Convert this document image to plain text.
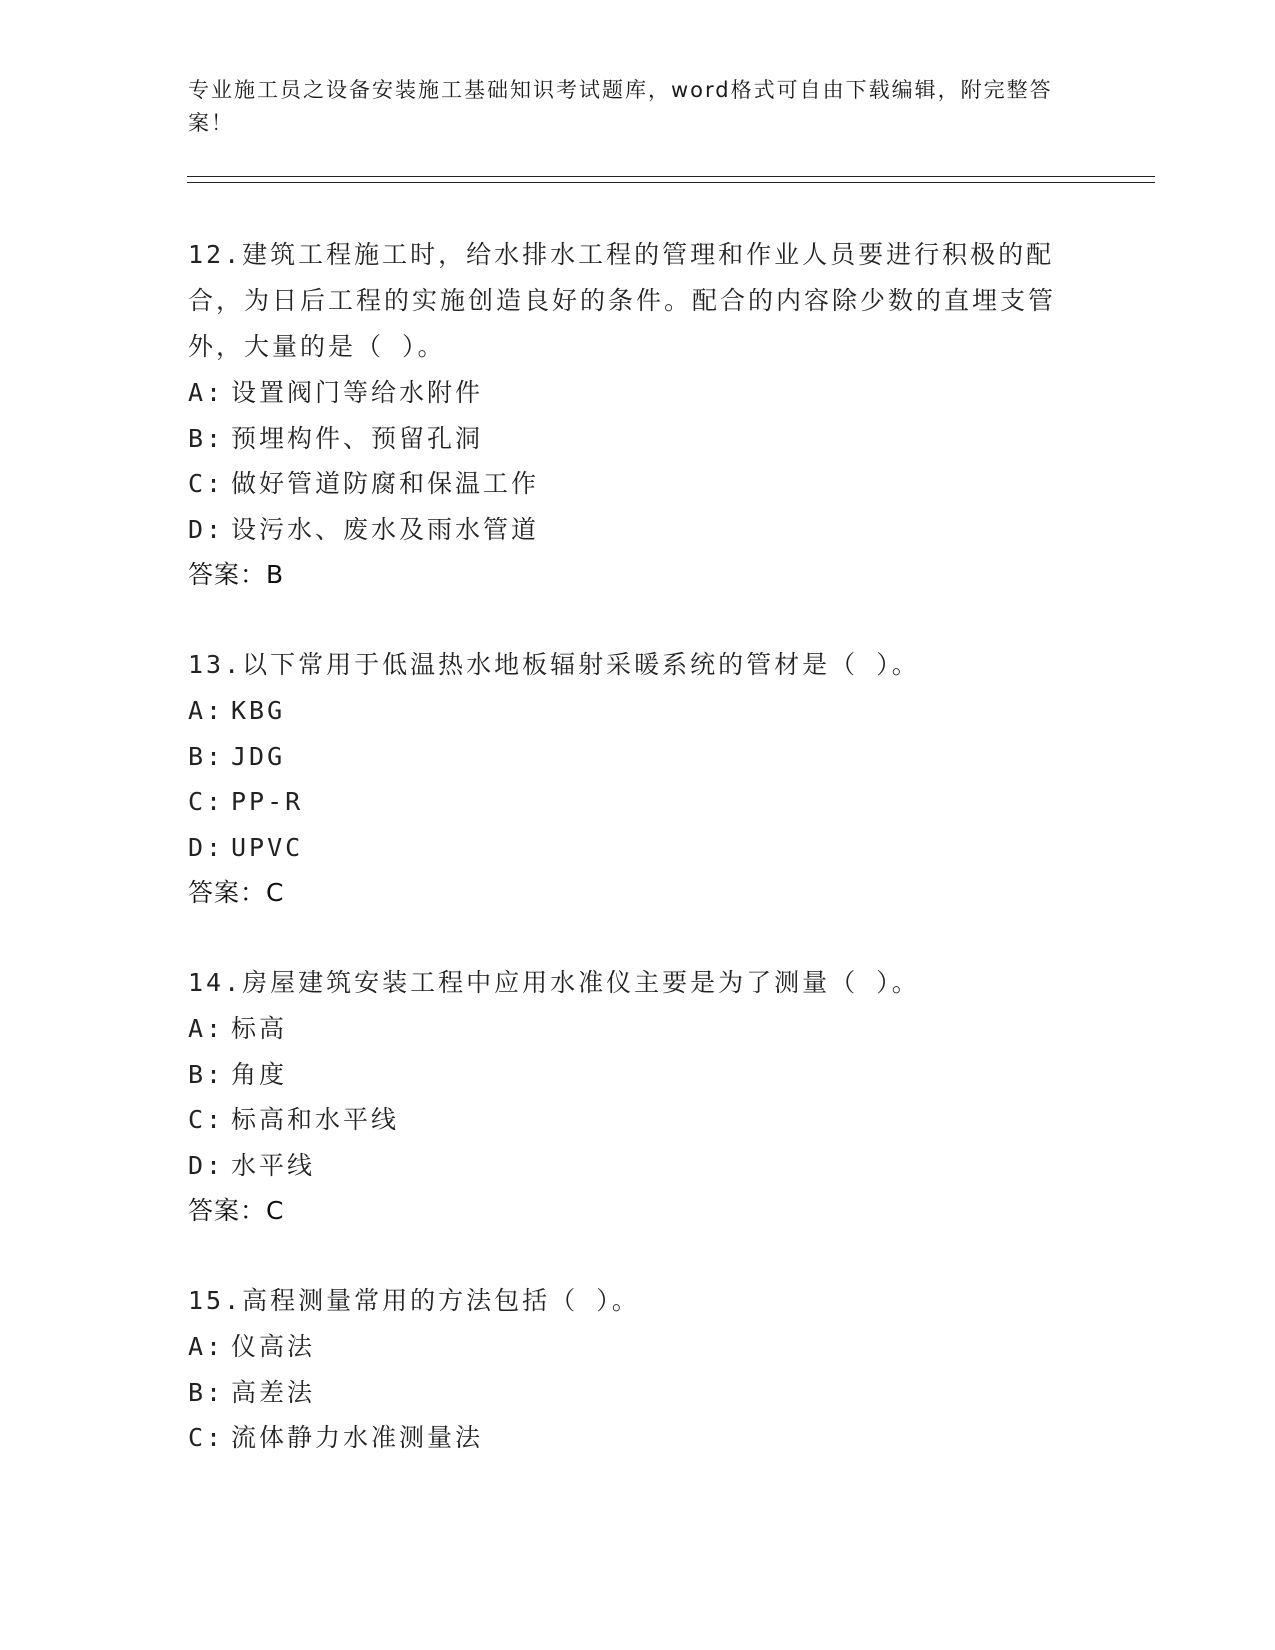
专业施工员之设备安装施工基础知识考试题库，word格式可自由下载编辑，附完整答案！
12.建筑工程施工时，给水排水工程的管理和作业人员要进行积极的配合，为日后工程的实施创造良好的条件。配合的内容除少数的直埋支管外，大量的是（ ）。
A: 设置阀门等给水附件
B: 预埋构件、预留孔洞
C: 做好管道防腐和保温工作
D: 设污水、废水及雨水管道
答案：B
13.以下常用于低温热水地板辐射采暖系统的管材是（ ）。
A: KBG
B: JDG
C: PP-R
D: UPVC
答案：C
14.房屋建筑安装工程中应用水准仪主要是为了测量（ ）。
A: 标高
B: 角度
C: 标高和水平线
D: 水平线
答案：C
15.高程测量常用的方法包括（ ）。
A: 仪高法
B: 高差法
C: 流体静力水准测量法
